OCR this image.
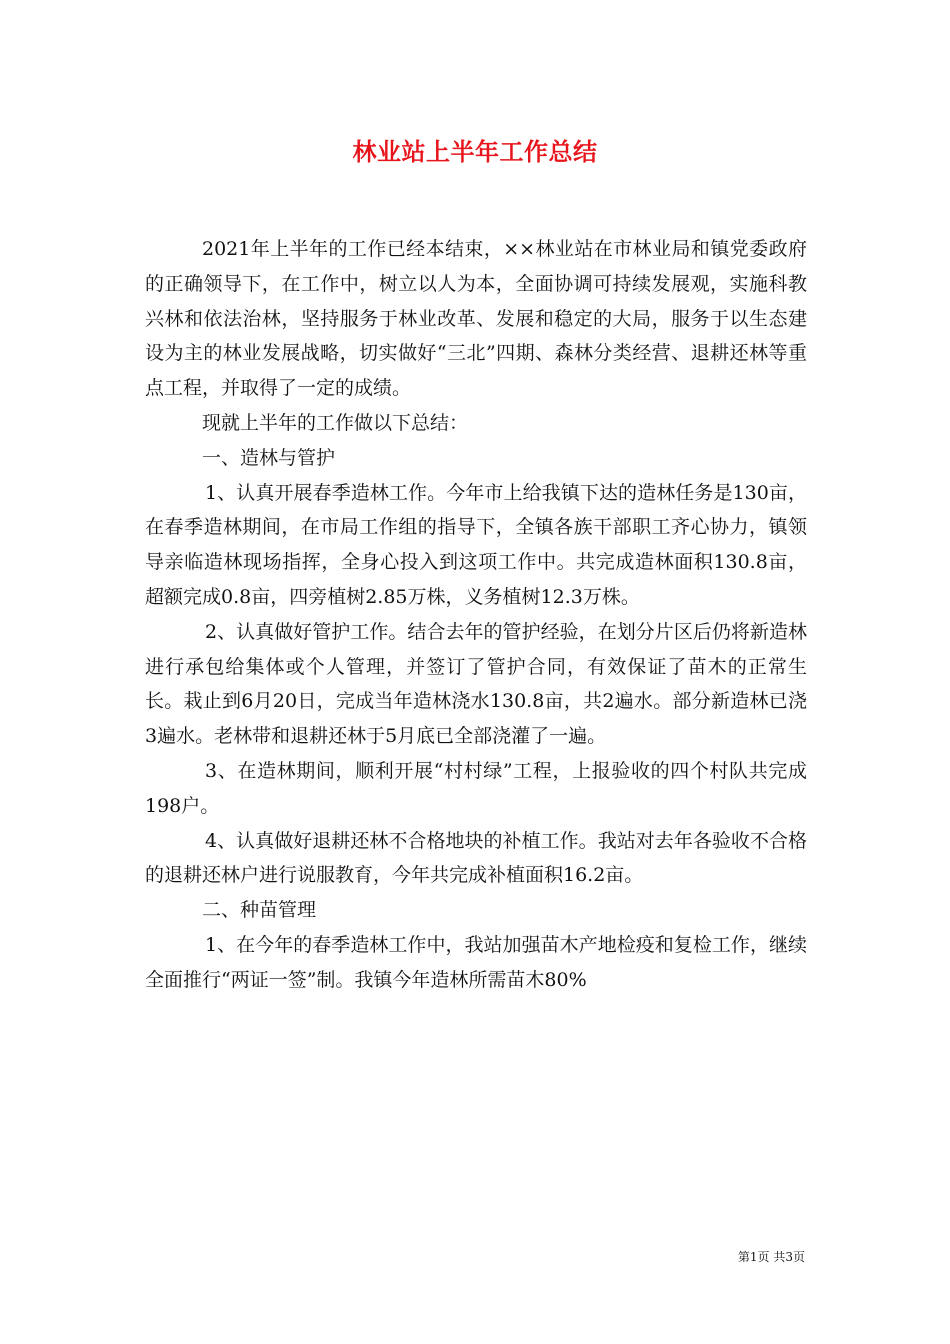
林业站上半年工作总结

2021年上半年的工作已经本结束，××林业站在市林业局和镇党委政府的正确领导下，在工作中，树立以人为本，全面协调可持续发展观，实施科教兴林和依法治林，坚持服务于林业改革、发展和稳定的大局，服务于以生态建设为主的林业发展战略，切实做好“三北”四期、森林分类经营、退耕还林等重点工程，并取得了一定的成绩。

现就上半年的工作做以下总结：

一、造林与管护

1、认真开展春季造林工作。今年市上给我镇下达的造林任务是130亩，在春季造林期间，在市局工作组的指导下，全镇各族干部职工齐心协力，镇领导亲临造林现场指挥，全身心投入到这项工作中。共完成造林面积130.8亩，超额完成0.8亩，四旁植树2.85万株，义务植树12.3万株。

2、认真做好管护工作。结合去年的管护经验，在划分片区后仍将新造林进行承包给集体或个人管理，并签订了管护合同，有效保证了苗木的正常生长。栽止到6月20日，完成当年造林浇水130.8亩，共2遍水。部分新造林已浇3遍水。老林带和退耕还林于5月底已全部浇灌了一遍。

3、在造林期间，顺利开展“村村绿”工程，上报验收的四个村队共完成198户。

4、认真做好退耕还林不合格地块的补植工作。我站对去年各验收不合格的退耕还林户进行说服教育，今年共完成补植面积16.2亩。

二、种苗管理

1、在今年的春季造林工作中，我站加强苗木产地检疫和复检工作，继续全面推行“两证一签”制。我镇今年造林所需苗木80%

第1页 共3页
